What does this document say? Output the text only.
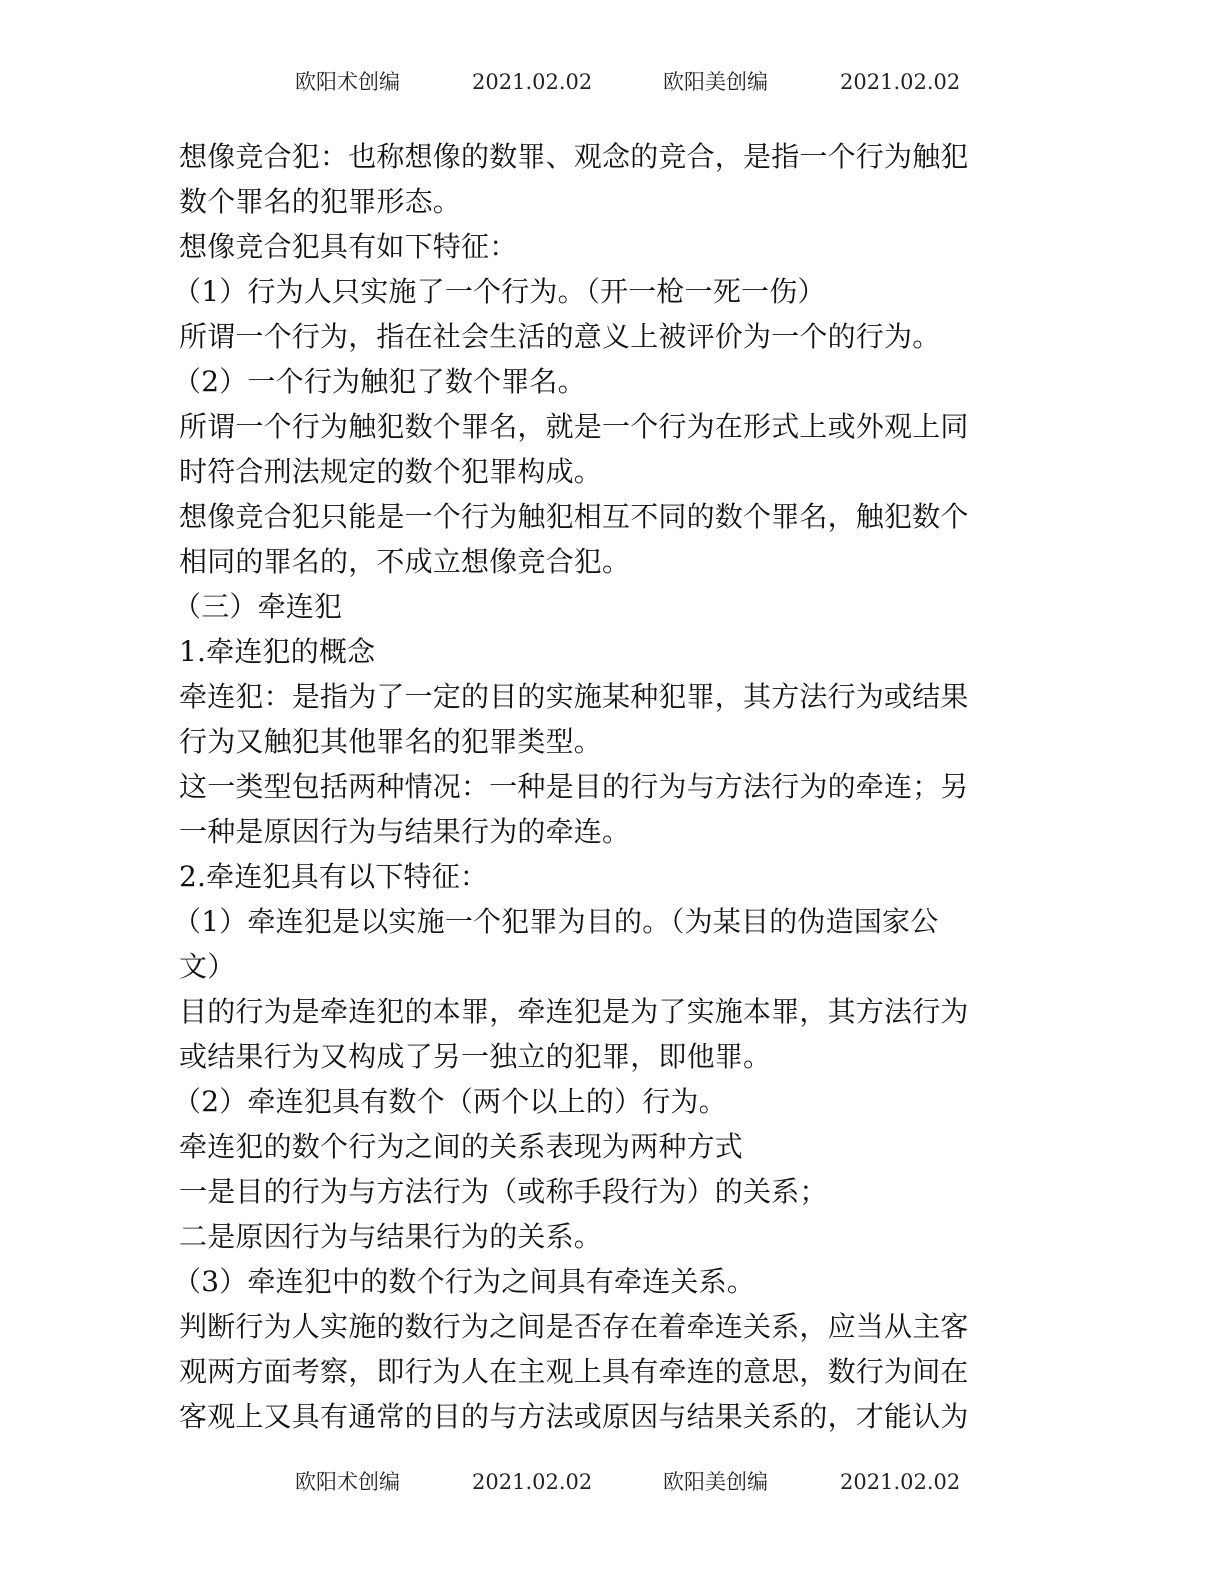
欧阳术创编	2021.02.02	欧阳美创编	2021.02.02
想像竞合犯：也称想像的数罪、观念的竞合，是指一个行为触犯
数个罪名的犯罪形态。
想像竞合犯具有如下特征：
（1）行为人只实施了一个行为。（开一枪一死一伤）
所谓一个行为，指在社会生活的意义上被评价为一个的行为。
（2）一个行为触犯了数个罪名。
所谓一个行为触犯数个罪名，就是一个行为在形式上或外观上同
时符合刑法规定的数个犯罪构成。
想像竞合犯只能是一个行为触犯相互不同的数个罪名，触犯数个
相同的罪名的，不成立想像竞合犯。
（三）牵连犯
1.牵连犯的概念
牵连犯：是指为了一定的目的实施某种犯罪，其方法行为或结果
行为又触犯其他罪名的犯罪类型。
这一类型包括两种情况：一种是目的行为与方法行为的牵连；另
一种是原因行为与结果行为的牵连。
2.牵连犯具有以下特征：
（1）牵连犯是以实施一个犯罪为目的。（为某目的伪造国家公
文）
目的行为是牵连犯的本罪，牵连犯是为了实施本罪，其方法行为
或结果行为又构成了另一独立的犯罪，即他罪。
（2）牵连犯具有数个（两个以上的）行为。
牵连犯的数个行为之间的关系表现为两种方式
一是目的行为与方法行为（或称手段行为）的关系；
二是原因行为与结果行为的关系。
（3）牵连犯中的数个行为之间具有牵连关系。
判断行为人实施的数行为之间是否存在着牵连关系，应当从主客
观两方面考察，即行为人在主观上具有牵连的意思，数行为间在
客观上又具有通常的目的与方法或原因与结果关系的，才能认为
欧阳术创编	2021.02.02	欧阳美创编	2021.02.02
